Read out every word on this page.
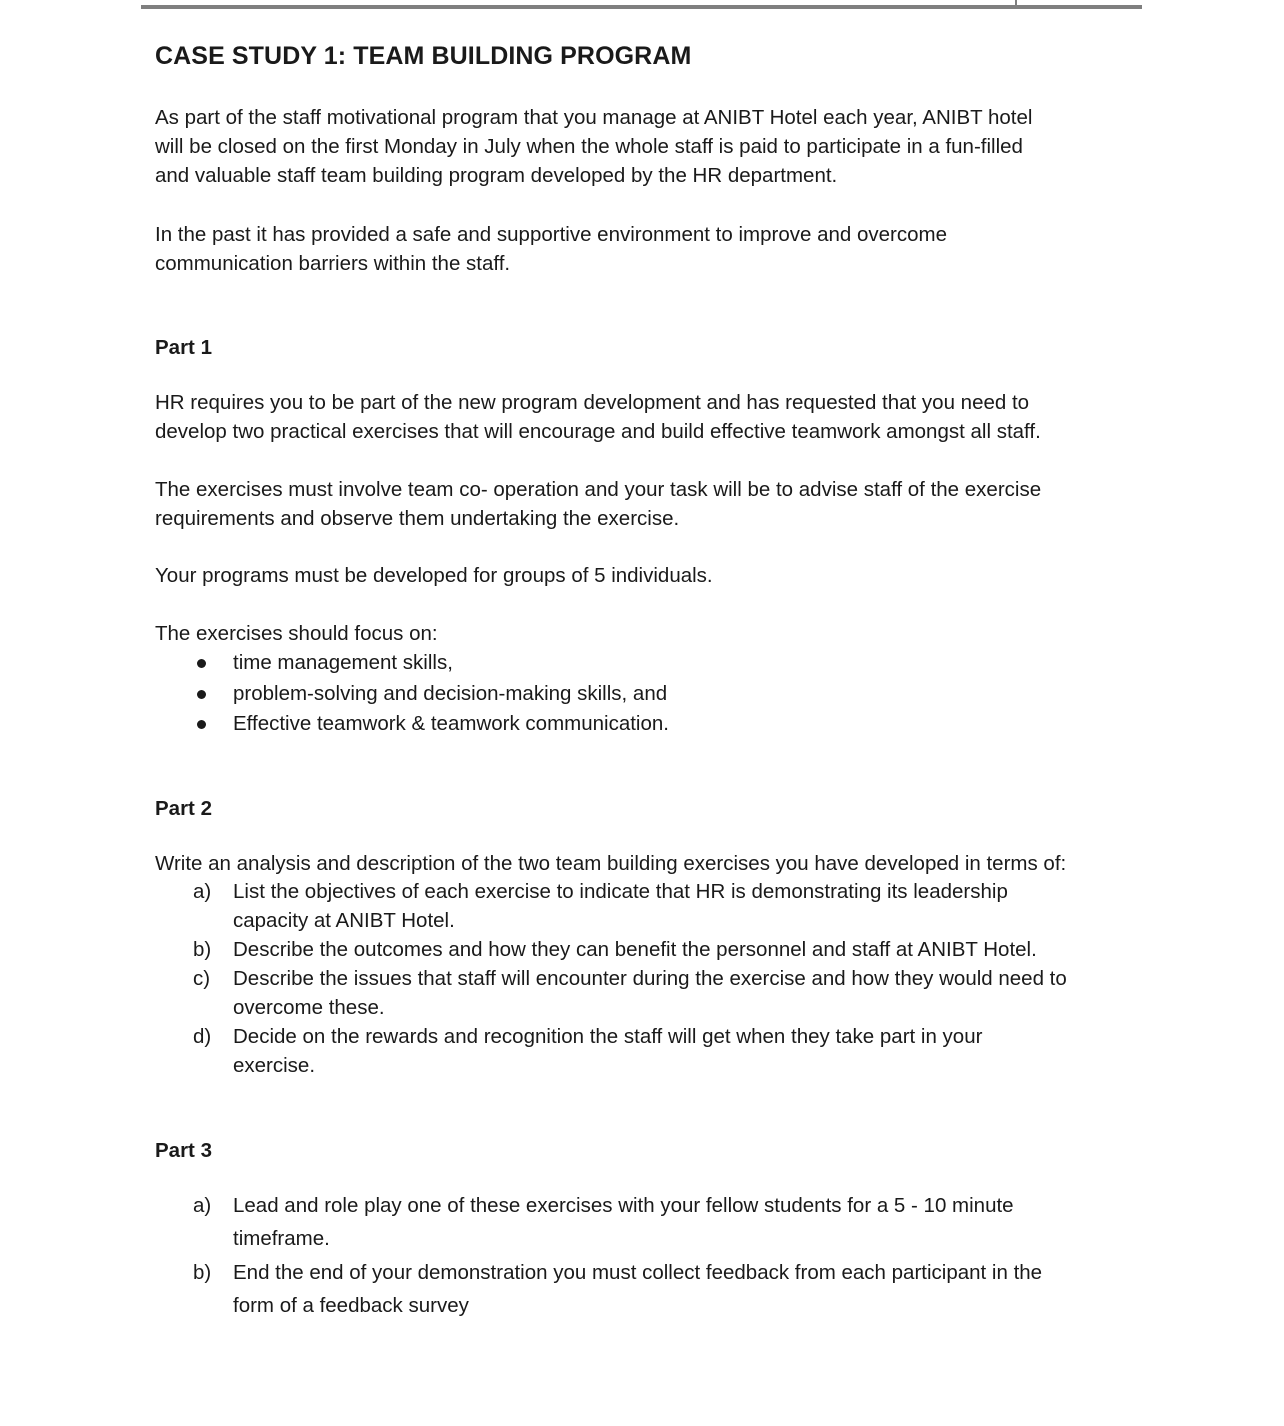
CASE STUDY 1: TEAM BUILDING PROGRAM

As part of the staff motivational program that you manage at ANIBT Hotel each year, ANIBT hotel
will be closed on the first Monday in July when the whole staff is paid to participate in a fun-filled
and valuable staff team building program developed by the HR department.

In the past it has provided a safe and supportive environment to improve and overcome
communication barriers within the staff.

Part 1

HR requires you to be part of the new program development and has requested that you need to
develop two practical exercises that will encourage and build effective teamwork amongst all staff.

The exercises must involve team co- operation and your task will be to advise staff of the exercise
requirements and observe them undertaking the exercise.

Your programs must be developed for groups of 5 individuals.

The exercises should focus on:

time management skills,
problem-solving and decision-making skills, and
Effective teamwork & teamwork communication.
Part 2

Write an analysis and description of the two team building exercises you have developed in terms of:

a) List the objectives of each exercise to indicate that HR is demonstrating its leadership
capacity at ANIBT Hotel.
b) Describe the outcomes and how they can benefit the personnel and staff at ANIBT Hotel.
c) Describe the issues that staff will encounter during the exercise and how they would need to
overcome these.
d) Decide on the rewards and recognition the staff will get when they take part in your
exercise.
Part 3
a) Lead and role play one of these exercises with your fellow students for a 5 - 10 minute
timeframe.
b) End the end of your demonstration you must collect feedback from each participant in the
form of a feedback survey
